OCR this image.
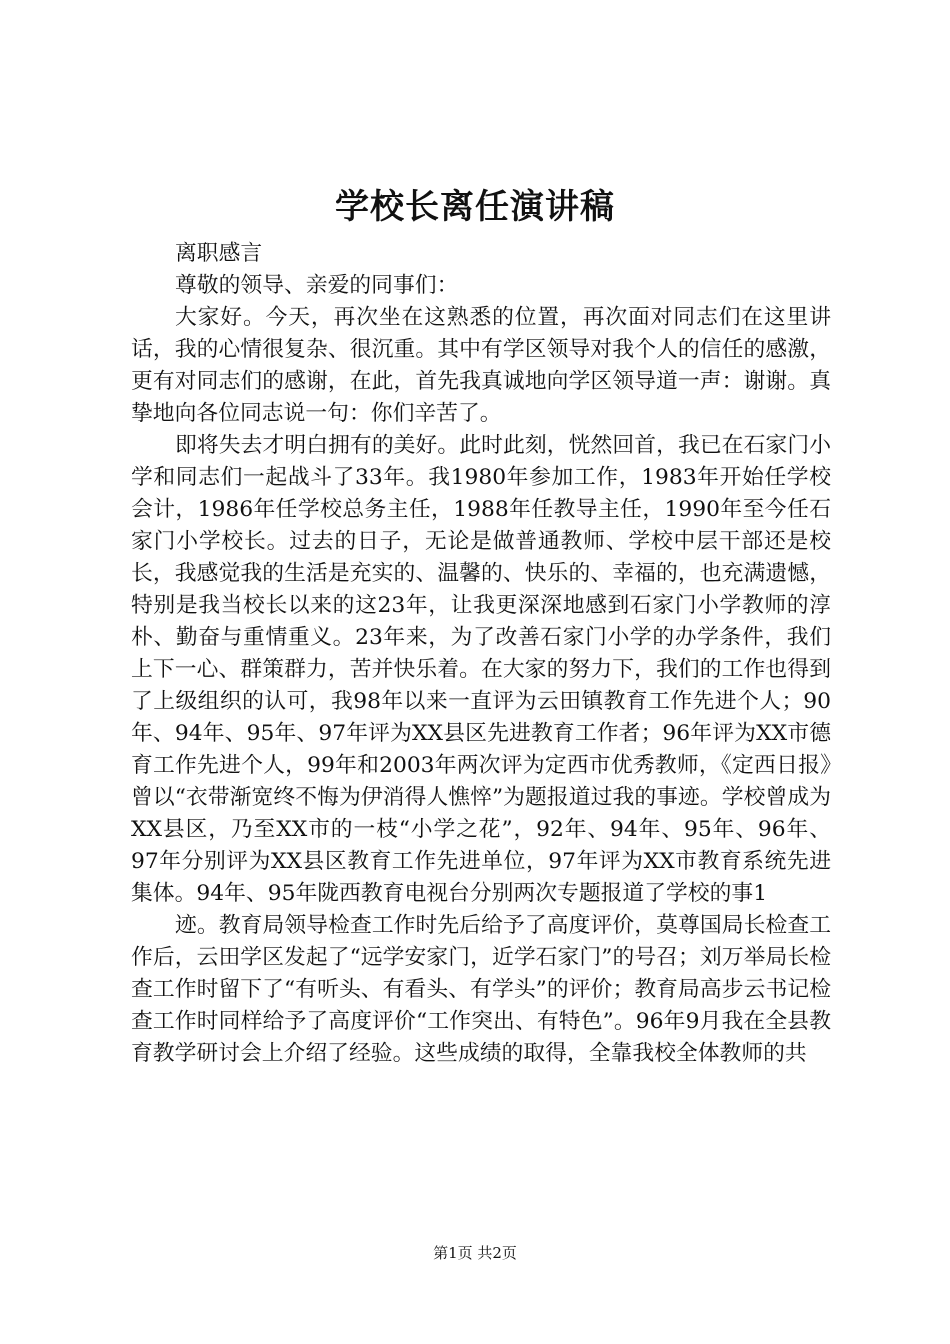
学校长离任演讲稿

离职感言

尊敬的领导、亲爱的同事们：

大家好。今天，再次坐在这熟悉的位置，再次面对同志们在这里讲话，我的心情很复杂、很沉重。其中有学区领导对我个人的信任的感激，更有对同志们的感谢，在此，首先我真诚地向学区领导道一声：谢谢。真挚地向各位同志说一句：你们辛苦了。

即将失去才明白拥有的美好。此时此刻，恍然回首，我已在石家门小学和同志们一起战斗了33年。我1980年参加工作，1983年开始任学校会计，1986年任学校总务主任，1988年任教导主任，1990年至今任石家门小学校长。过去的日子，无论是做普通教师、学校中层干部还是校长，我感觉我的生活是充实的、温馨的、快乐的、幸福的，也充满遗憾，特别是我当校长以来的这23年，让我更深深地感到石家门小学教师的淳朴、勤奋与重情重义。23年来，为了改善石家门小学的办学条件，我们上下一心、群策群力，苦并快乐着。在大家的努力下，我们的工作也得到了上级组织的认可，我98年以来一直评为云田镇教育工作先进个人；90年、94年、95年、97年评为XX县区先进教育工作者；96年评为XX市德育工作先进个人，99年和2003年两次评为定西市优秀教师，《定西日报》曾以“衣带渐宽终不悔为伊消得人憔悴”为题报道过我的事迹。学校曾成为XX县区，乃至XX市的一枝“小学之花”，92年、94年、95年、96年、97年分别评为XX县区教育工作先进单位，97年评为XX市教育系统先进集体。94年、95年陇西教育电视台分别两次专题报道了学校的事1

迹。教育局领导检查工作时先后给予了高度评价，莫尊国局长检查工作后，云田学区发起了“远学安家门，近学石家门”的号召；刘万举局长检查工作时留下了“有听头、有看头、有学头”的评价；教育局高步云书记检查工作时同样给予了高度评价“工作突出、有特色”。96年9月我在全县教育教学研讨会上介绍了经验。这些成绩的取得，全靠我校全体教师的共

第1页 共2页
